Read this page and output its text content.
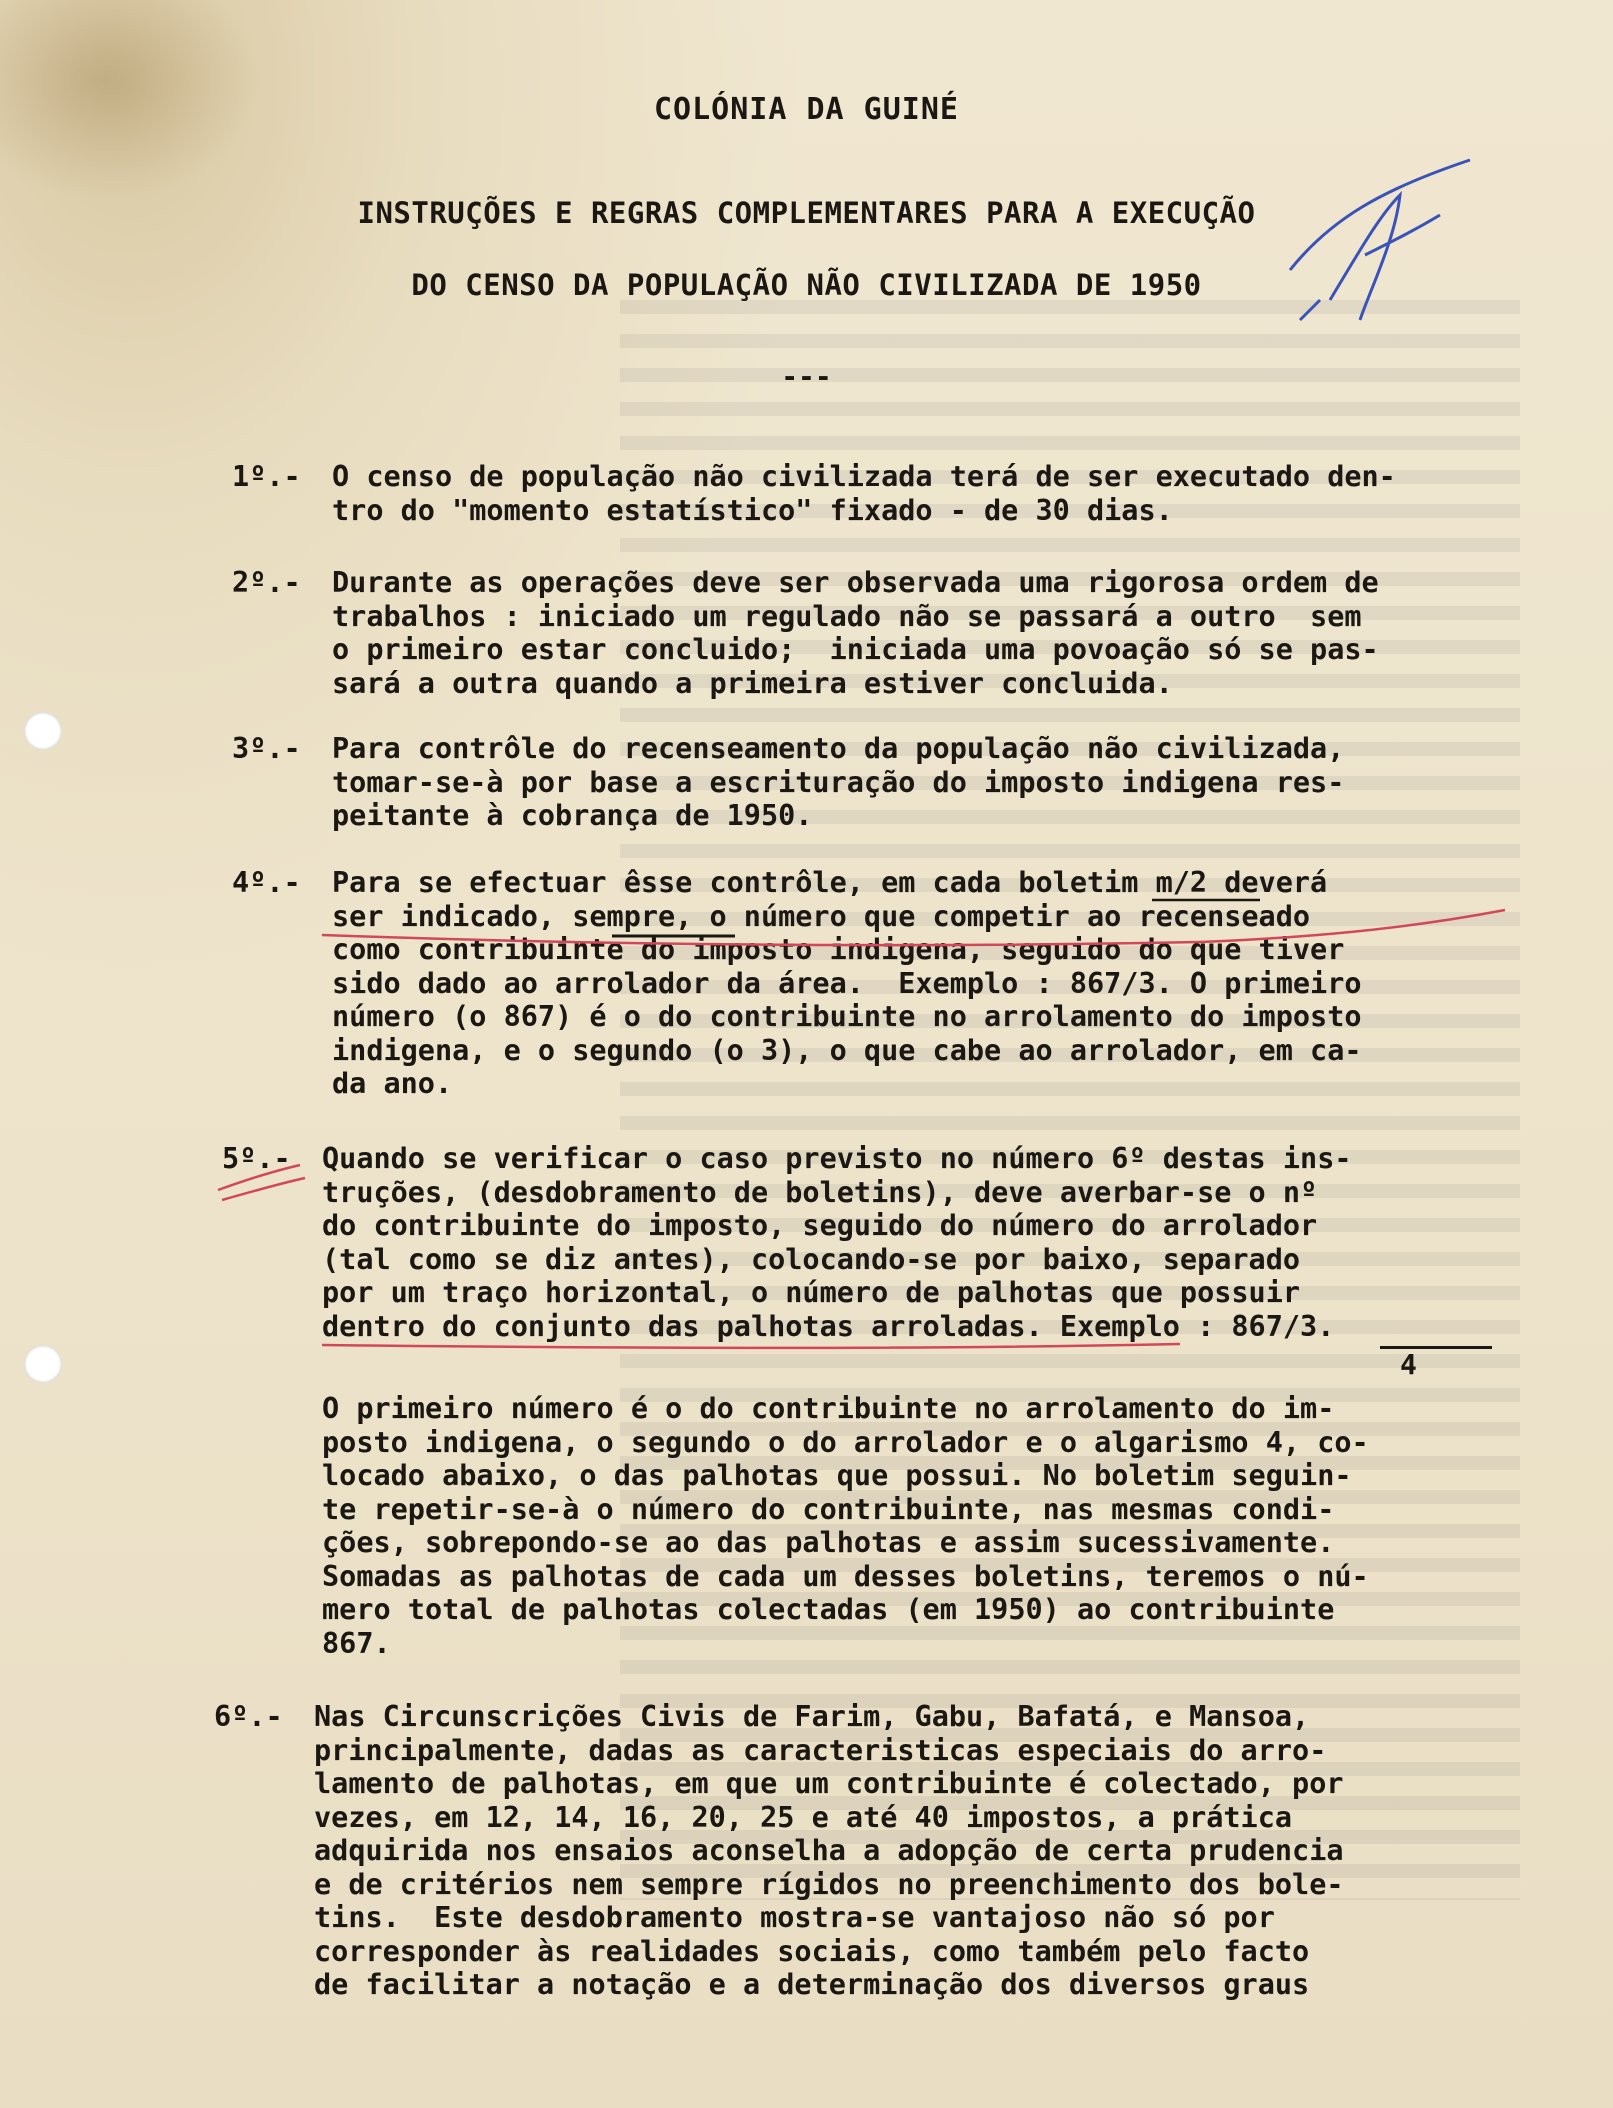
COLÓNIA DA GUINÉ
INSTRUÇÕES E REGRAS COMPLEMENTARES PARA A EXECUÇÃO
DO CENSO DA POPULAÇÃO NÃO CIVILIZADA DE 1950
---
1º.-	O censo de população não civilizada terá de ser executado den-
tro do "momento estatístico" fixado - de 30 dias.
2º.-	Durante as operações deve ser observada uma rigorosa ordem de
trabalhos : iniciado um regulado não se passará a outro  sem
o primeiro estar concluido;  iniciada uma povoação só se pas-
sará a outra quando a primeira estiver concluida.
3º.-	Para contrôle do recenseamento da população não civilizada,
tomar-se-à por base a escrituração do imposto indigena res-
peitante à cobrança de 1950.
4º.-	Para se efectuar êsse contrôle, em cada boletim m/2 deverá
ser indicado, sempre, o número que competir ao recenseado
como contribuinte do imposto indigena, seguido do que tiver
sido dado ao arrolador da área.  Exemplo : 867/3. O primeiro
número (o 867) é o do contribuinte no arrolamento do imposto
indigena, e o segundo (o 3), o que cabe ao arrolador, em ca-
da ano.
5º.-	Quando se verificar o caso previsto no número 6º destas ins-
truções, (desdobramento de boletins), deve averbar-se o nº
do contribuinte do imposto, seguido do número do arrolador
(tal como se diz antes), colocando-se por baixo, separado
por um traço horizontal, o número de palhotas que possuir
dentro do conjunto das palhotas arroladas. Exemplo : 867/3.
4
O primeiro número é o do contribuinte no arrolamento do im-
posto indigena, o segundo o do arrolador e o algarismo 4, co-
locado abaixo, o das palhotas que possui. No boletim seguin-
te repetir-se-à o número do contribuinte, nas mesmas condi-
ções, sobrepondo-se ao das palhotas e assim sucessivamente.
Somadas as palhotas de cada um desses boletins, teremos o nú-
mero total de palhotas colectadas (em 1950) ao contribuinte
867.
6º.-	Nas Circunscrições Civis de Farim, Gabu, Bafatá, e Mansoa,
principalmente, dadas as caracteristicas especiais do arro-
lamento de palhotas, em que um contribuinte é colectado, por
vezes, em 12, 14, 16, 20, 25 e até 40 impostos, a prática
adquirida nos ensaios aconselha a adopção de certa prudencia
e de critérios nem sempre rígidos no preenchimento dos bole-
tins.  Este desdobramento mostra-se vantajoso não só por
corresponder às realidades sociais, como também pelo facto
de facilitar a notação e a determinação dos diversos graus
